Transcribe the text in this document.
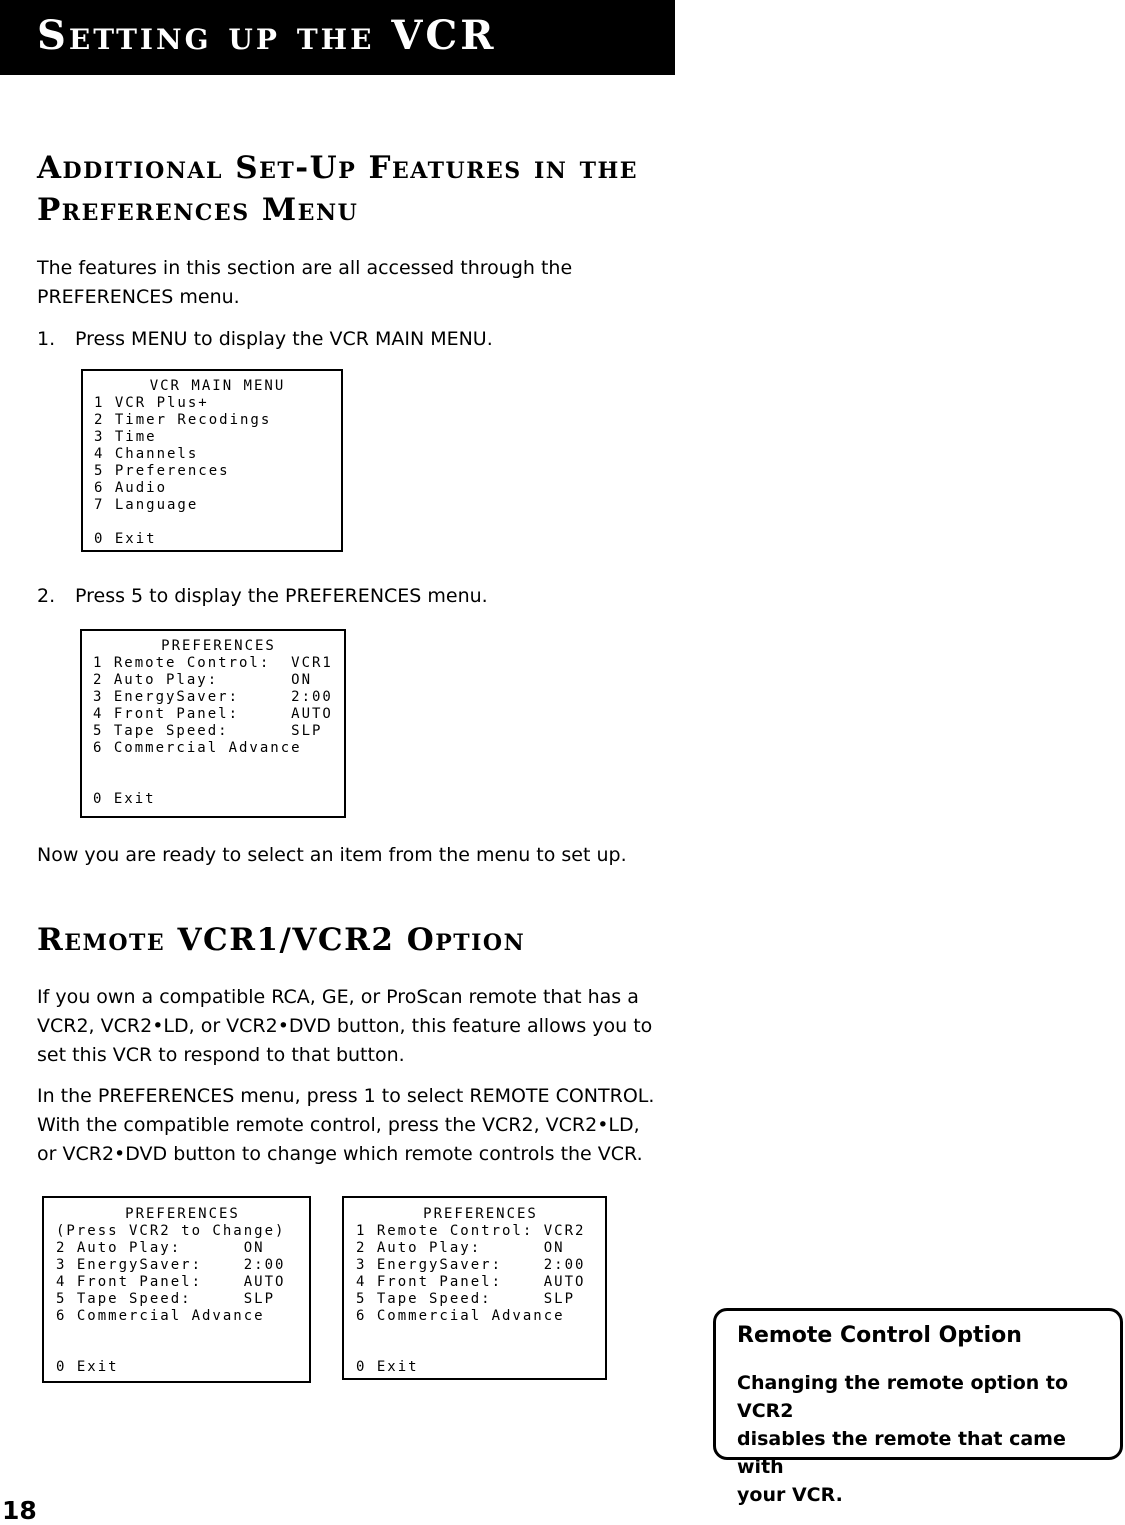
Setting up the VCR
Additional Set-Up Features in the
Preferences Menu
The features in this section are all accessed through the
PREFERENCES menu.
1. Press MENU to display the VCR MAIN MENU.
VCR MAIN MENU
1 VCR Plus+
2 Timer Recodings
3 Time
4 Channels
5 Preferences
6 Audio
7 Language
0 Exit
2. Press 5 to display the PREFERENCES menu.
PREFERENCES
1 Remote Control:  VCR1
2 Auto Play:       ON
3 EnergySaver:     2:00
4 Front Panel:     AUTO
5 Tape Speed:      SLP
6 Commercial Advance
0 Exit
Now you are ready to select an item from the menu to set up.
Remote VCR1/VCR2 Option
If you own a compatible RCA, GE, or ProScan remote that has a
VCR2, VCR2•LD, or VCR2•DVD button, this feature allows you to
set this VCR to respond to that button.
In the PREFERENCES menu, press 1 to select REMOTE CONTROL.
With the compatible remote control, press the VCR2, VCR2•LD,
or VCR2•DVD button to change which remote controls the VCR.
PREFERENCES
(Press VCR2 to Change)
2 Auto Play:      ON
3 EnergySaver:    2:00
4 Front Panel:    AUTO
5 Tape Speed:     SLP
6 Commercial Advance
0 Exit
PREFERENCES
1 Remote Control: VCR2
2 Auto Play:      ON
3 EnergySaver:    2:00
4 Front Panel:    AUTO
5 Tape Speed:     SLP
6 Commercial Advance
0 Exit
Remote Control Option
Changing the remote option to VCR2
disables the remote that came with
your VCR.
18
